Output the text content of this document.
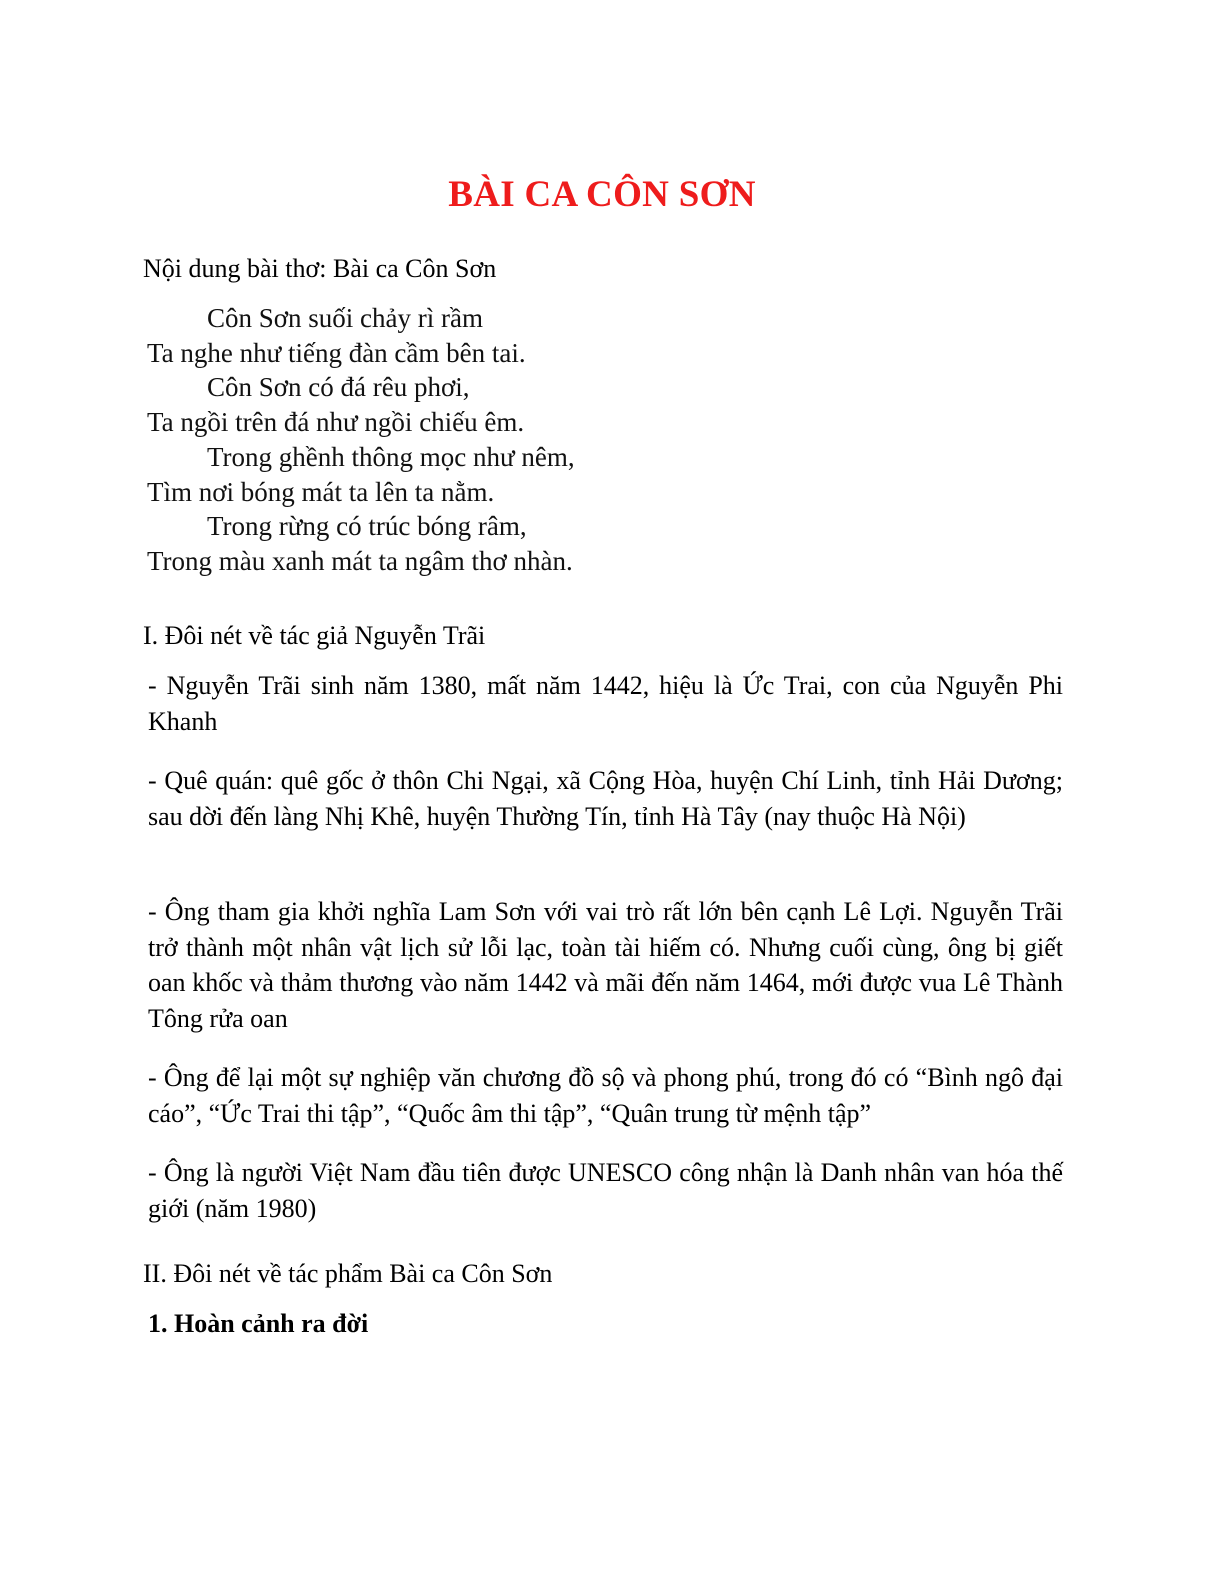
BÀI CA CÔN SƠN
Nội dung bài thơ: Bài ca Côn Sơn
Côn Sơn suối chảy rì rầm
Ta nghe như tiếng đàn cầm bên tai.
Côn Sơn có đá rêu phơi,
Ta ngồi trên đá như ngồi chiếu êm.
Trong ghềnh thông mọc như nêm,
Tìm nơi bóng mát ta lên ta nằm.
Trong rừng có trúc bóng râm,
Trong màu xanh mát ta ngâm thơ nhàn.
I. Đôi nét về tác giả Nguyễn Trãi
- Nguyễn Trãi sinh năm 1380, mất năm 1442, hiệu là Ức Trai, con của Nguyễn Phi Khanh
- Quê quán: quê gốc ở thôn Chi Ngại, xã Cộng Hòa, huyện Chí Linh, tỉnh Hải Dương; sau dời đến làng Nhị Khê, huyện Thường Tín, tỉnh Hà Tây (nay thuộc Hà Nội)
- Ông tham gia khởi nghĩa Lam Sơn với vai trò rất lớn bên cạnh Lê Lợi. Nguyễn Trãi trở thành một nhân vật lịch sử lỗi lạc, toàn tài hiếm có. Nhưng cuối cùng, ông bị giết oan khốc và thảm thương vào năm 1442 và mãi đến năm 1464, mới được vua Lê Thành Tông rửa oan
- Ông để lại một sự nghiệp văn chương đồ sộ và phong phú, trong đó có “Bình ngô đại cáo”, “Ức Trai thi tập”, “Quốc âm thi tập”, “Quân trung từ mệnh tập”
- Ông là người Việt Nam đầu tiên được UNESCO công nhận là Danh nhân van hóa thế giới (năm 1980)
II. Đôi nét về tác phẩm Bài ca Côn Sơn
1. Hoàn cảnh ra đời
